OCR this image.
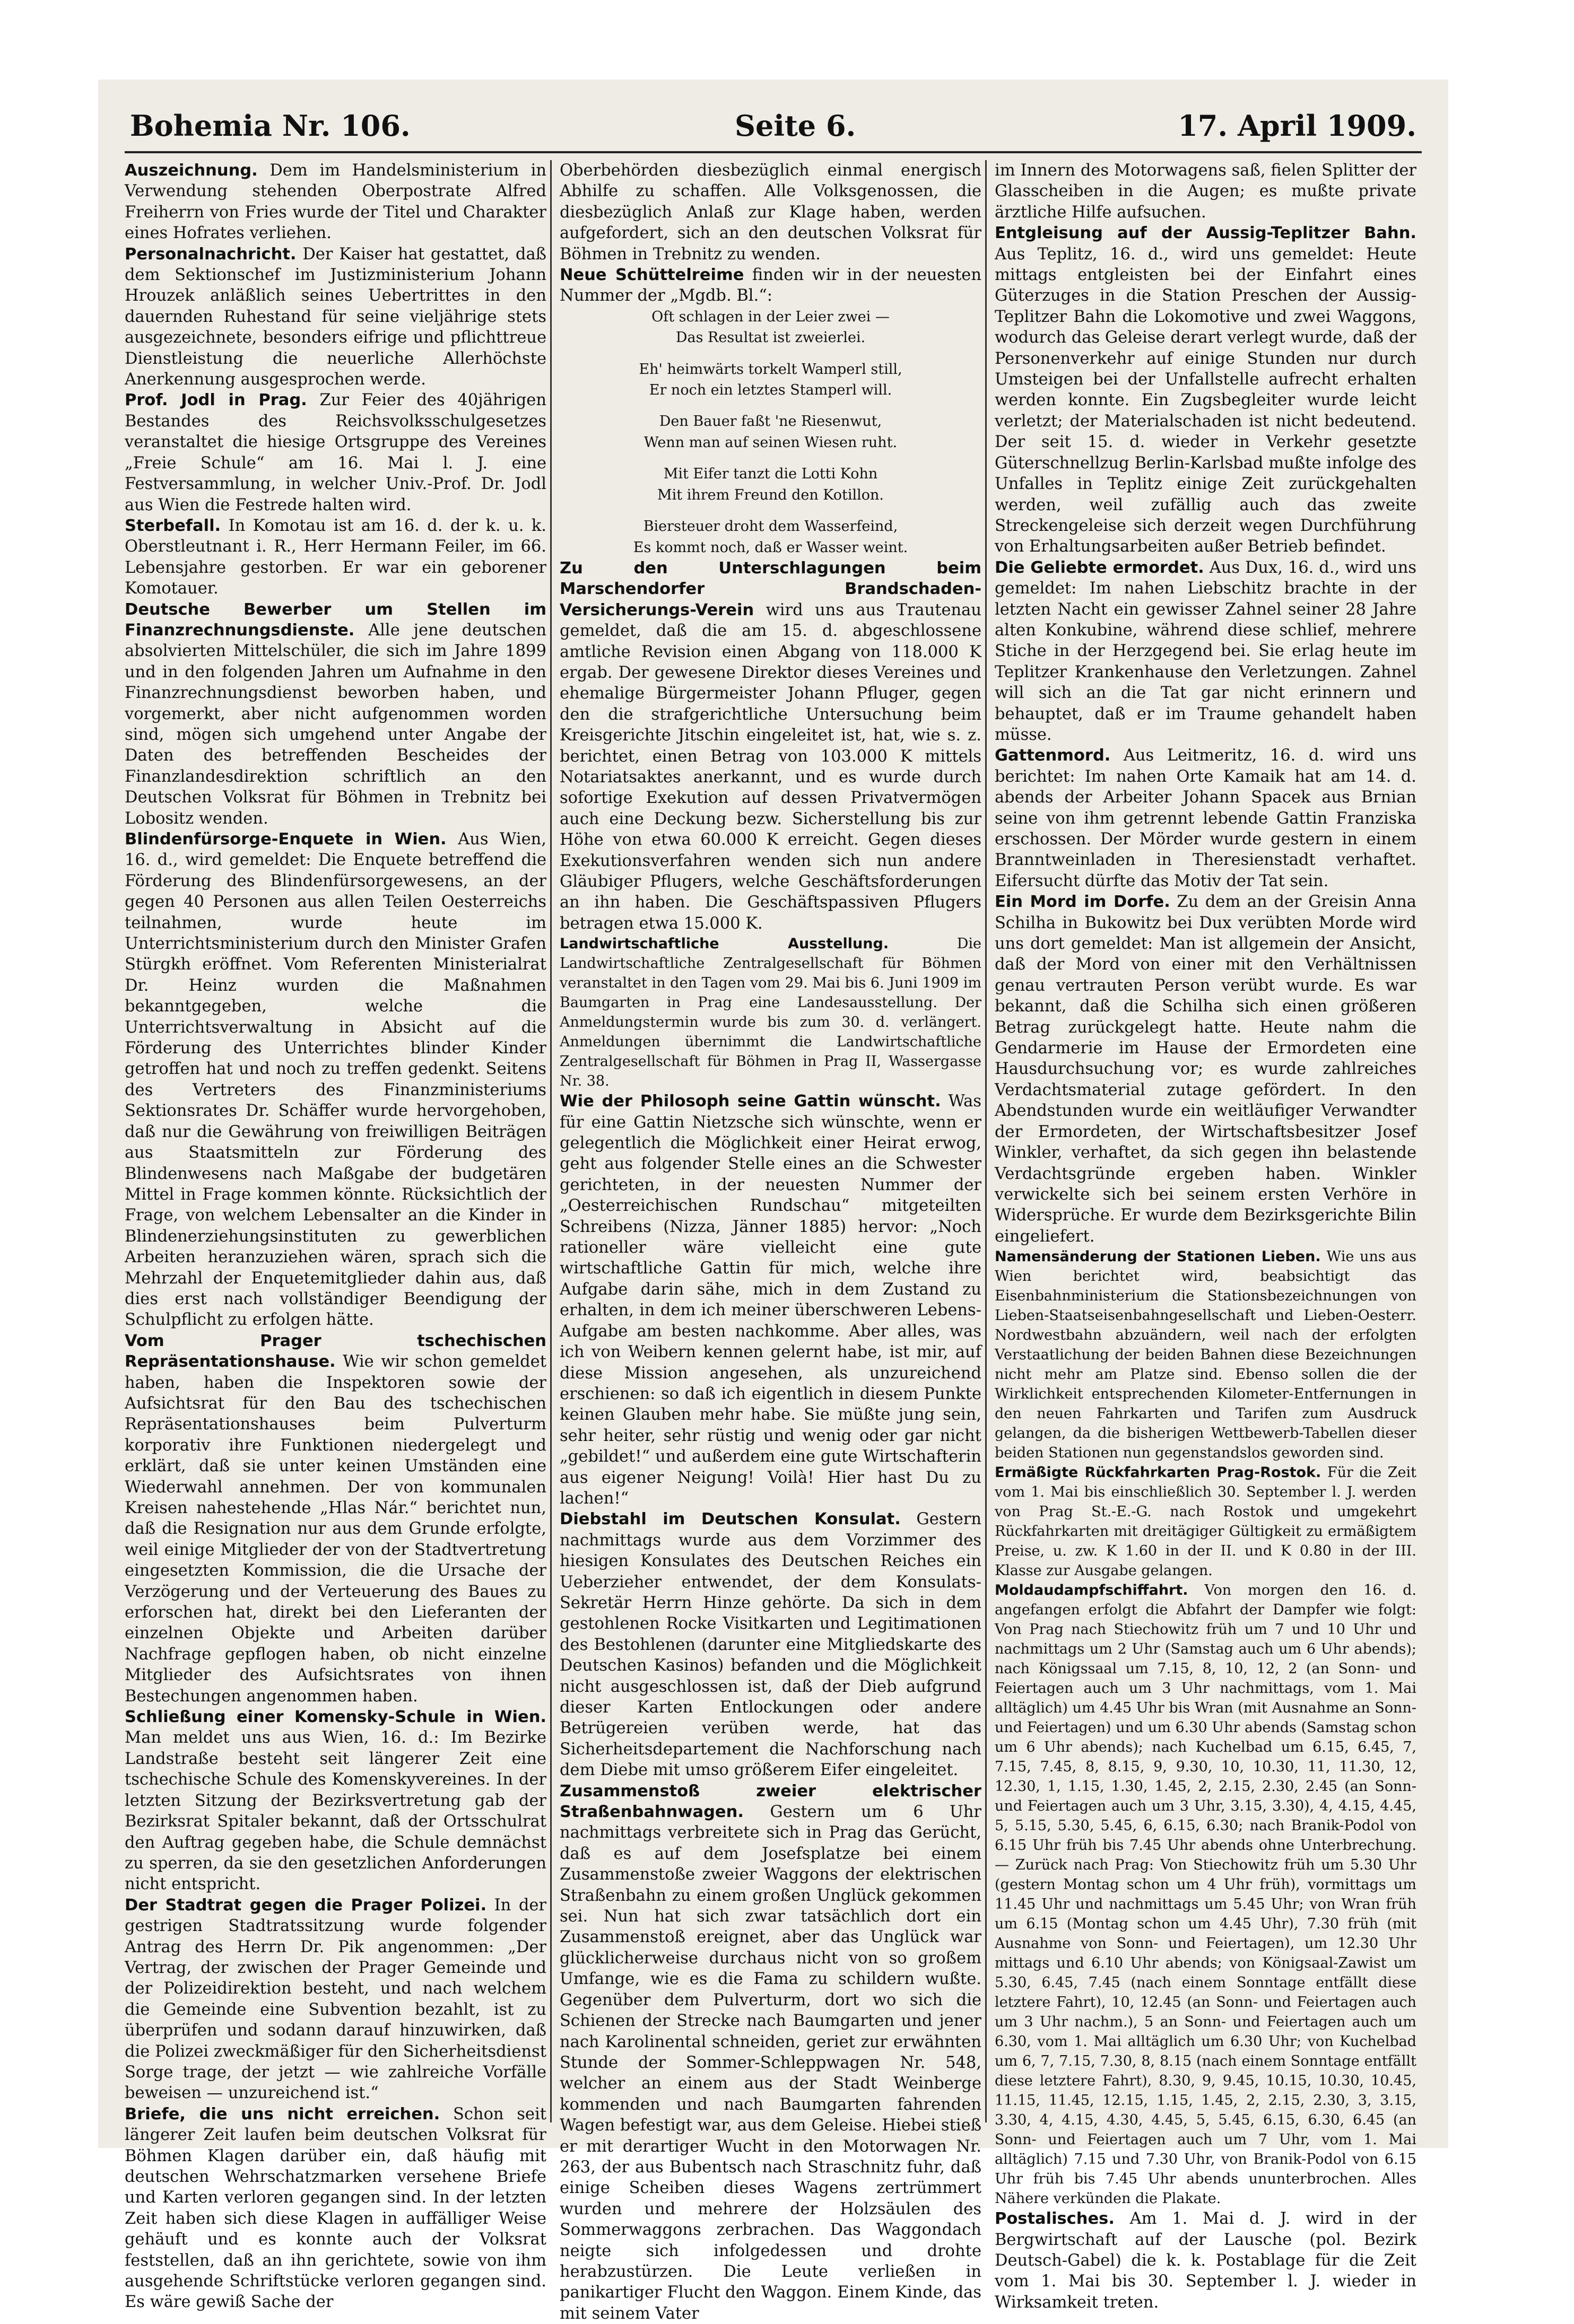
Bohemia Nr. 106.	Seite 6.	17. April 1909.

Auszeichnung. Dem im Handelsministerium in Verwendung stehenden Oberpostrate Alfred Freiherrn von Fries wurde der Titel und Charakter eines Hofrates verliehen.

Personalnachricht. Der Kaiser hat gestattet, daß dem Sektionschef im Justizministerium Johann Hrouzek anläßlich seines Uebertrittes in den dauernden Ruhestand für seine vieljährige stets ausgezeichnete, besonders eifrige und pflichttreue Dienstleistung die neuerliche Allerhöchste Anerkennung ausgesprochen werde.

Prof. Jodl in Prag. Zur Feier des 40jährigen Bestandes des Reichsvolksschulgesetzes veranstaltet die hiesige Ortsgruppe des Vereines „Freie Schule“ am 16. Mai l. J. eine Festversammlung, in welcher Univ.-Prof. Dr. Jodl aus Wien die Festrede halten wird.

Sterbefall. In Komotau ist am 16. d. der k. u. k. Oberstleutnant i. R., Herr Hermann Feiler, im 66. Lebensjahre gestorben. Er war ein geborener Komotauer.

Deutsche Bewerber um Stellen im Finanzrechnungsdienste. Alle jene deutschen absolvierten Mittelschüler, die sich im Jahre 1899 und in den folgenden Jahren um Aufnahme in den Finanzrechnungsdienst beworben haben, und vorgemerkt, aber nicht aufgenommen worden sind, mögen sich umgehend unter Angabe der Daten des betreffenden Bescheides der Finanzlandesdirektion schriftlich an den Deutschen Volksrat für Böhmen in Trebnitz bei Lobositz wenden.

Blindenfürsorge-Enquete in Wien. Aus Wien, 16. d., wird gemeldet: Die Enquete betreffend die Förderung des Blindenfürsorgewesens, an der gegen 40 Personen aus allen Teilen Oesterreichs teilnahmen, wurde heute im Unterrichtsministerium durch den Minister Grafen Stürgkh eröffnet. Vom Referenten Ministerialrat Dr. Heinz wurden die Maßnahmen bekanntgegeben, welche die Unterrichtsverwaltung in Absicht auf die Förderung des Unterrichtes blinder Kinder getroffen hat und noch zu treffen gedenkt. Seitens des Vertreters des Finanzministeriums Sektionsrates Dr. Schäffer wurde hervorgehoben, daß nur die Gewährung von freiwilligen Beiträgen aus Staatsmitteln zur Förderung des Blindenwesens nach Maßgabe der budgetären Mittel in Frage kommen könnte. Rücksichtlich der Frage, von welchem Lebensalter an die Kinder in Blindenerziehungsinstituten zu gewerblichen Arbeiten heranzuziehen wären, sprach sich die Mehrzahl der Enquetemitglieder dahin aus, daß dies erst nach vollständiger Beendigung der Schulpflicht zu erfolgen hätte.

Vom Prager tschechischen Repräsentationshause. Wie wir schon gemeldet haben, haben die Inspektoren sowie der Aufsichtsrat für den Bau des tschechischen Repräsentationshauses beim Pulverturm korporativ ihre Funktionen niedergelegt und erklärt, daß sie unter keinen Umständen eine Wiederwahl annehmen. Der von kommunalen Kreisen nahestehende „Hlas Nár.“ berichtet nun, daß die Resignation nur aus dem Grunde erfolgte, weil einige Mitglieder der von der Stadtvertretung eingesetzten Kommission, die die Ursache der Verzögerung und der Verteuerung des Baues zu erforschen hat, direkt bei den Lieferanten der einzelnen Objekte und Arbeiten darüber Nachfrage gepflogen haben, ob nicht einzelne Mitglieder des Aufsichtsrates von ihnen Bestechungen angenommen haben.

Schließung einer Komensky-Schule in Wien. Man meldet uns aus Wien, 16. d.: Im Bezirke Landstraße besteht seit längerer Zeit eine tschechische Schule des Komenskyvereines. In der letzten Sitzung der Bezirksvertretung gab der Bezirksrat Spitaler bekannt, daß der Ortsschulrat den Auftrag gegeben habe, die Schule demnächst zu sperren, da sie den gesetzlichen Anforderungen nicht entspricht.

Der Stadtrat gegen die Prager Polizei. In der gestrigen Stadtratssitzung wurde folgender Antrag des Herrn Dr. Pik angenommen: „Der Vertrag, der zwischen der Prager Gemeinde und der Polizeidirektion besteht, und nach welchem die Gemeinde eine Subvention bezahlt, ist zu überprüfen und sodann darauf hinzuwirken, daß die Polizei zweckmäßiger für den Sicherheitsdienst Sorge trage, der jetzt — wie zahlreiche Vorfälle beweisen — unzureichend ist.“

Briefe, die uns nicht erreichen. Schon seit längerer Zeit laufen beim deutschen Volksrat für Böhmen Klagen darüber ein, daß häufig mit deutschen Wehrschatzmarken versehene Briefe und Karten verloren gegangen sind. In der letzten Zeit haben sich diese Klagen in auffälliger Weise gehäuft und es konnte auch der Volksrat feststellen, daß an ihn gerichtete, sowie von ihm ausgehende Schriftstücke verloren gegangen sind. Es wäre gewiß Sache der

Oberbehörden diesbezüglich einmal energisch Abhilfe zu schaffen. Alle Volksgenossen, die diesbezüglich Anlaß zur Klage haben, werden aufgefordert, sich an den deutschen Volksrat für Böhmen in Trebnitz zu wenden.

Neue Schüttelreime finden wir in der neuesten Nummer der „Mgdb. Bl.“:

Oft schlagen in der Leier zwei —
Das Resultat ist zweierlei.
Eh' heimwärts torkelt Wamperl still,
Er noch ein letztes Stamperl will.
Den Bauer faßt 'ne Riesenwut,
Wenn man auf seinen Wiesen ruht.
Mit Eifer tanzt die Lotti Kohn
Mit ihrem Freund den Kotillon.
Biersteuer droht dem Wasserfeind,
Es kommt noch, daß er Wasser weint.

Zu den Unterschlagungen beim Marschendorfer Brandschaden-Versicherungs-Verein wird uns aus Trautenau gemeldet, daß die am 15. d. abgeschlossene amtliche Revision einen Abgang von 118.000 K ergab. Der gewesene Direktor dieses Vereines und ehemalige Bürgermeister Johann Pfluger, gegen den die strafgerichtliche Untersuchung beim Kreisgerichte Jitschin eingeleitet ist, hat, wie s. z. berichtet, einen Betrag von 103.000 K mittels Notariatsaktes anerkannt, und es wurde durch sofortige Exekution auf dessen Privatvermögen auch eine Deckung bezw. Sicherstellung bis zur Höhe von etwa 60.000 K erreicht. Gegen dieses Exekutionsverfahren wenden sich nun andere Gläubiger Pflugers, welche Geschäftsforderungen an ihn haben. Die Geschäftspassiven Pflugers betragen etwa 15.000 K.

Landwirtschaftliche Ausstellung.	Die Landwirtschaftliche Zentralgesellschaft für Böhmen veranstaltet in den Tagen vom 29. Mai bis 6. Juni 1909 im Baumgarten in Prag eine Landesausstellung. Der Anmeldungstermin wurde bis zum 30. d. verlängert. Anmeldungen übernimmt die Landwirtschaftliche Zentralgesellschaft für Böhmen in Prag II, Wassergasse Nr. 38.

Wie der Philosoph seine Gattin wünscht. Was für eine Gattin Nietzsche sich wünschte, wenn er gelegentlich die Möglichkeit einer Heirat erwog, geht aus folgender Stelle eines an die Schwester gerichteten, in der neuesten Nummer der „Oesterreichischen Rundschau“ mitgeteilten Schreibens (Nizza, Jänner 1885) hervor: „Noch rationeller wäre vielleicht eine gute wirtschaftliche Gattin für mich, welche ihre Aufgabe darin sähe, mich in dem Zustand zu erhalten, in dem ich meiner überschweren Lebens-Aufgabe am besten nachkomme. Aber alles, was ich von Weibern kennen gelernt habe, ist mir, auf diese Mission angesehen, als unzureichend erschienen: so daß ich eigentlich in diesem Punkte keinen Glauben mehr habe. Sie müßte jung sein, sehr heiter, sehr rüstig und wenig oder gar nicht „gebildet!“ und außerdem eine gute Wirtschafterin aus eigener Neigung! Voilà! Hier hast Du zu lachen!“

Diebstahl im Deutschen Konsulat. Gestern nachmittags wurde aus dem Vorzimmer des hiesigen Konsulates des Deutschen Reiches ein Ueberzieher entwendet, der dem Konsulats-Sekretär Herrn Hinze gehörte. Da sich in dem gestohlenen Rocke Visitkarten und Legitimationen des Bestohlenen (darunter eine Mitgliedskarte des Deutschen Kasinos) befanden und die Möglichkeit nicht ausgeschlossen ist, daß der Dieb aufgrund dieser Karten Entlockungen oder andere Betrügereien verüben werde, hat das Sicherheitsdepartement die Nachforschung nach dem Diebe mit umso größerem Eifer eingeleitet.

Zusammenstoß zweier elektrischer Straßenbahnwagen. Gestern um 6 Uhr nachmittags verbreitete sich in Prag das Gerücht, daß es auf dem Josefsplatze bei einem Zusammenstoße zweier Waggons der elektrischen Straßenbahn zu einem großen Unglück gekommen sei. Nun hat sich zwar tatsächlich dort ein Zusammenstoß ereignet, aber das Unglück war glücklicherweise durchaus nicht von so großem Umfange, wie es die Fama zu schildern wußte. Gegenüber dem Pulverturm, dort wo sich die Schienen der Strecke nach Baumgarten und jener nach Karolinental schneiden, geriet zur erwähnten Stunde der Sommer-Schleppwagen Nr. 548, welcher an einem aus der Stadt Weinberge kommenden und nach Baumgarten fahrenden Wagen befestigt war, aus dem Geleise. Hiebei stieß er mit derartiger Wucht in den Motorwagen Nr. 263, der aus Bubentsch nach Straschnitz fuhr, daß einige Scheiben dieses Wagens zertrümmert wurden und mehrere der Holzsäulen des Sommerwaggons zerbrachen. Das Waggondach neigte sich infolgedessen und drohte herabzustürzen. Die Leute verließen in panikartiger Flucht den Waggon. Einem Kinde, das mit seinem Vater

im Innern des Motorwagens saß, fielen Splitter der Glasscheiben in die Augen; es mußte private ärztliche Hilfe aufsuchen.

Entgleisung auf der Aussig-Teplitzer Bahn. Aus Teplitz, 16. d., wird uns gemeldet: Heute mittags entgleisten bei der Einfahrt eines Güterzuges in die Station Preschen der Aussig-Teplitzer Bahn die Lokomotive und zwei Waggons, wodurch das Geleise derart verlegt wurde, daß der Personenverkehr auf einige Stunden nur durch Umsteigen bei der Unfallstelle aufrecht erhalten werden konnte. Ein Zugsbegleiter wurde leicht verletzt; der Materialschaden ist nicht bedeutend. Der seit 15. d. wieder in Verkehr gesetzte Güterschnellzug Berlin-Karlsbad mußte infolge des Unfalles in Teplitz einige Zeit zurückgehalten werden, weil zufällig auch das zweite Streckengeleise sich derzeit wegen Durchführung von Erhaltungsarbeiten außer Betrieb befindet.

Die Geliebte ermordet. Aus Dux, 16. d., wird uns gemeldet: Im nahen Liebschitz brachte in der letzten Nacht ein gewisser Zahnel seiner 28 Jahre alten Konkubine, während diese schlief, mehrere Stiche in der Herzgegend bei. Sie erlag heute im Teplitzer Krankenhause den Verletzungen. Zahnel will sich an die Tat gar nicht erinnern und behauptet, daß er im Traume gehandelt haben müsse.

Gattenmord. Aus Leitmeritz, 16. d. wird uns berichtet: Im nahen Orte Kamaik hat am 14. d. abends der Arbeiter Johann Spacek aus Brnian seine von ihm getrennt lebende Gattin Franziska erschossen. Der Mörder wurde gestern in einem Branntweinladen in Theresienstadt verhaftet. Eifersucht dürfte das Motiv der Tat sein.

Ein Mord im Dorfe. Zu dem an der Greisin Anna Schilha in Bukowitz bei Dux verübten Morde wird uns dort gemeldet: Man ist allgemein der Ansicht, daß der Mord von einer mit den Verhältnissen genau vertrauten Person verübt wurde. Es war bekannt, daß die Schilha sich einen größeren Betrag zurückgelegt hatte. Heute nahm die Gendarmerie im Hause der Ermordeten eine Hausdurchsuchung vor; es wurde zahlreiches Verdachtsmaterial zutage gefördert. In den Abendstunden wurde ein weitläufiger Verwandter der Ermordeten, der Wirtschaftsbesitzer Josef Winkler, verhaftet, da sich gegen ihn belastende Verdachtsgründe ergeben haben. Winkler verwickelte sich bei seinem ersten Verhöre in Widersprüche. Er wurde dem Bezirksgerichte Bilin eingeliefert.

Namensänderung der Stationen Lieben. Wie uns aus Wien berichtet wird, beabsichtigt das Eisenbahnministerium die Stationsbezeichnungen von Lieben-Staatseisenbahngesellschaft und Lieben-Oesterr. Nordwestbahn abzuändern, weil nach der erfolgten Verstaatlichung der beiden Bahnen diese Bezeichnungen nicht mehr am Platze sind. Ebenso sollen die der Wirklichkeit entsprechenden Kilometer-Entfernungen in den neuen Fahrkarten und Tarifen zum Ausdruck gelangen, da die bisherigen Wettbewerb-Tabellen dieser beiden Stationen nun gegenstandslos geworden sind.

Ermäßigte Rückfahrkarten Prag-Rostok. Für die Zeit vom 1. Mai bis einschließlich 30. September l. J. werden von Prag St.-E.-G. nach Rostok und umgekehrt Rückfahrkarten mit dreitägiger Gültigkeit zu ermäßigtem Preise, u. zw. K 1.60 in der II. und K 0.80 in der III. Klasse zur Ausgabe gelangen.

Moldaudampfschiffahrt. Von morgen den 16. d. angefangen erfolgt die Abfahrt der Dampfer wie folgt: Von Prag nach Stiechowitz früh um 7 und 10 Uhr und nachmittags um 2 Uhr (Samstag auch um 6 Uhr abends); nach Königssaal um 7.15, 8, 10, 12, 2 (an Sonn- und Feiertagen auch um 3 Uhr nachmittags, vom 1. Mai alltäglich) um 4.45 Uhr bis Wran (mit Ausnahme an Sonn- und Feiertagen) und um 6.30 Uhr abends (Samstag schon um 6 Uhr abends); nach Kuchelbad um 6.15, 6.45, 7, 7.15, 7.45, 8, 8.15, 9, 9.30, 10, 10.30, 11, 11.30, 12, 12.30, 1, 1.15, 1.30, 1.45, 2, 2.15, 2.30, 2.45 (an Sonn- und Feiertagen auch um 3 Uhr, 3.15, 3.30), 4, 4.15, 4.45, 5, 5.15, 5.30, 5.45, 6, 6.15, 6.30; nach Branik-Podol von 6.15 Uhr früh bis 7.45 Uhr abends ohne Unterbrechung. — Zurück nach Prag: Von Stiechowitz früh um 5.30 Uhr (gestern Montag schon um 4 Uhr früh), vormittags um 11.45 Uhr und nachmittags um 5.45 Uhr; von Wran früh um 6.15 (Montag schon um 4.45 Uhr), 7.30 früh (mit Ausnahme von Sonn- und Feiertagen), um 12.30 Uhr mittags und 6.10 Uhr abends; von Königsaal-Zawist um 5.30, 6.45, 7.45 (nach einem Sonntage entfällt diese letztere Fahrt), 10, 12.45 (an Sonn- und Feiertagen auch um 3 Uhr nachm.), 5 an Sonn- und Feiertagen auch um 6.30, vom 1. Mai alltäglich um 6.30 Uhr; von Kuchelbad um 6, 7, 7.15, 7.30, 8, 8.15 (nach einem Sonntage entfällt diese letztere Fahrt), 8.30, 9, 9.45, 10.15, 10.30, 10.45, 11.15, 11.45, 12.15, 1.15, 1.45, 2, 2.15, 2.30, 3, 3.15, 3.30, 4, 4.15, 4.30, 4.45, 5, 5.45, 6.15, 6.30, 6.45 (an Sonn- und Feiertagen auch um 7 Uhr, vom 1. Mai alltäglich) 7.15 und 7.30 Uhr, von Branik-Podol von 6.15 Uhr früh bis 7.45 Uhr abends ununterbrochen. Alles Nähere verkünden die Plakate.

Postalisches. Am 1. Mai d. J. wird in der Bergwirtschaft auf der Lausche (pol. Bezirk Deutsch-Gabel) die k. k. Postablage für die Zeit vom 1. Mai bis 30. September l. J. wieder in Wirksamkeit treten.
